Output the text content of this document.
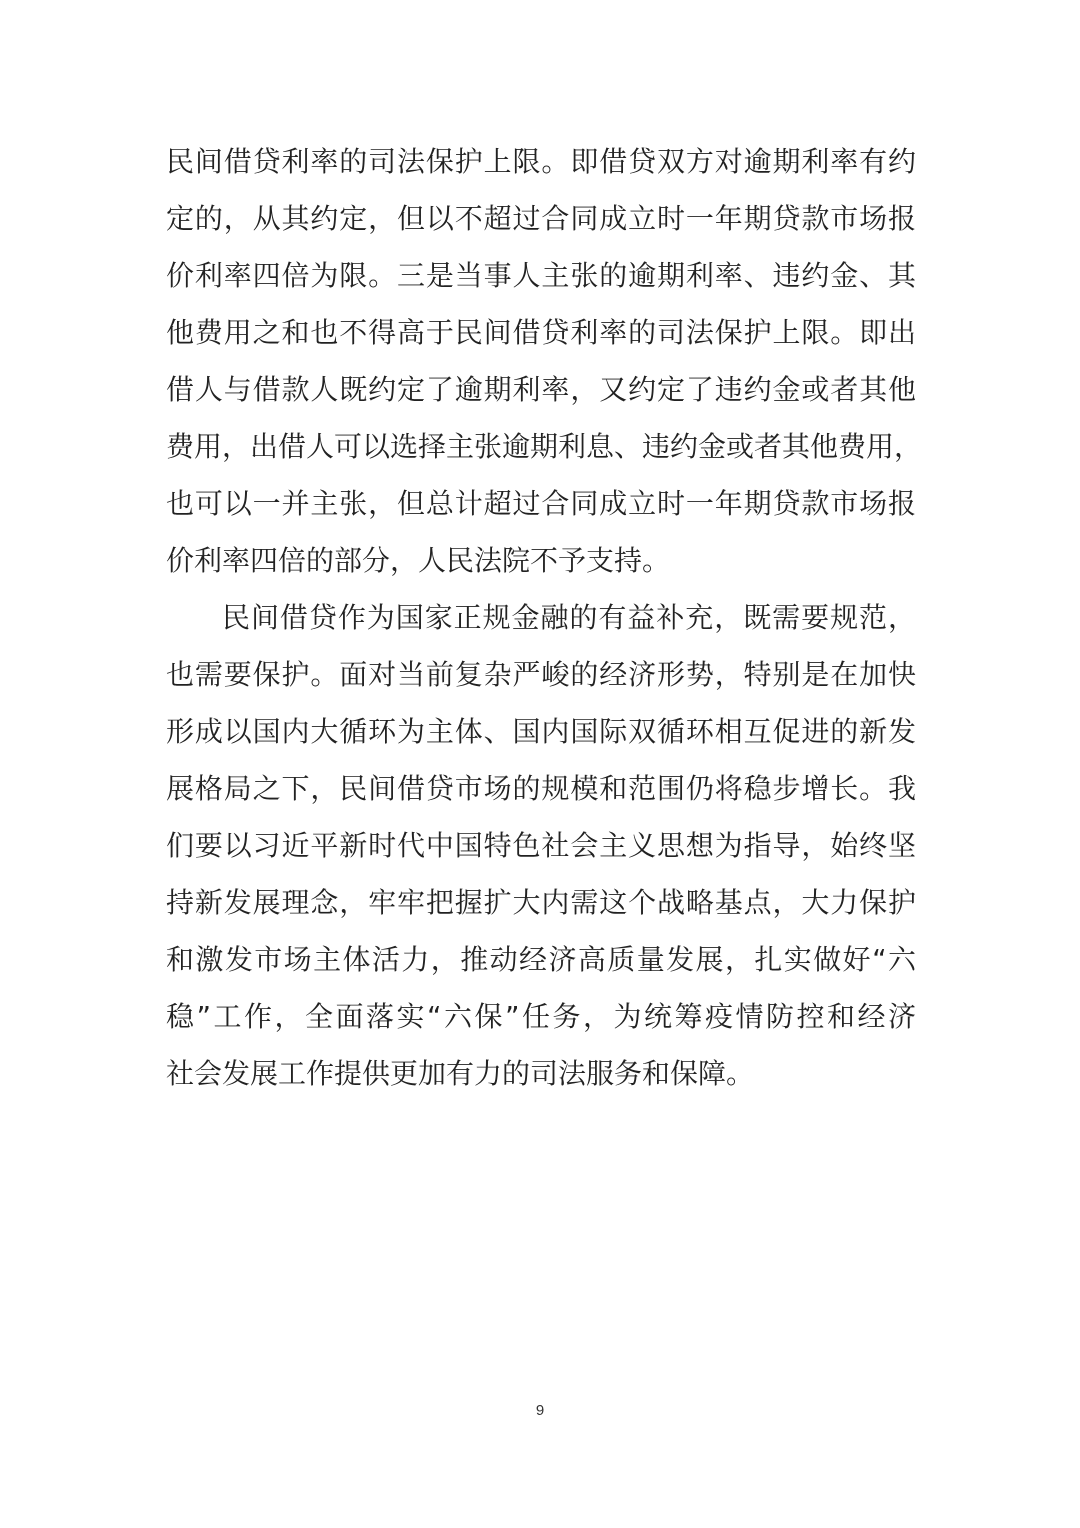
民间借贷利率的司法保护上限。即借贷双方对逾期利率有约
定的，从其约定，但以不超过合同成立时一年期贷款市场报
价利率四倍为限。三是当事人主张的逾期利率、违约金、其
他费用之和也不得高于民间借贷利率的司法保护上限。即出
借人与借款人既约定了逾期利率，又约定了违约金或者其他
费用，出借人可以选择主张逾期利息、违约金或者其他费用，
也可以一并主张，但总计超过合同成立时一年期贷款市场报
价利率四倍的部分，人民法院不予支持。
民间借贷作为国家正规金融的有益补充，既需要规范，
也需要保护。面对当前复杂严峻的经济形势，特别是在加快
形成以国内大循环为主体、国内国际双循环相互促进的新发
展格局之下，民间借贷市场的规模和范围仍将稳步增长。我
们要以习近平新时代中国特色社会主义思想为指导，始终坚
持新发展理念，牢牢把握扩大内需这个战略基点，大力保护
和激发市场主体活力，推动经济高质量发展，扎实做好“六
稳”工作，全面落实“六保”任务，为统筹疫情防控和经济
社会发展工作提供更加有力的司法服务和保障。
9
